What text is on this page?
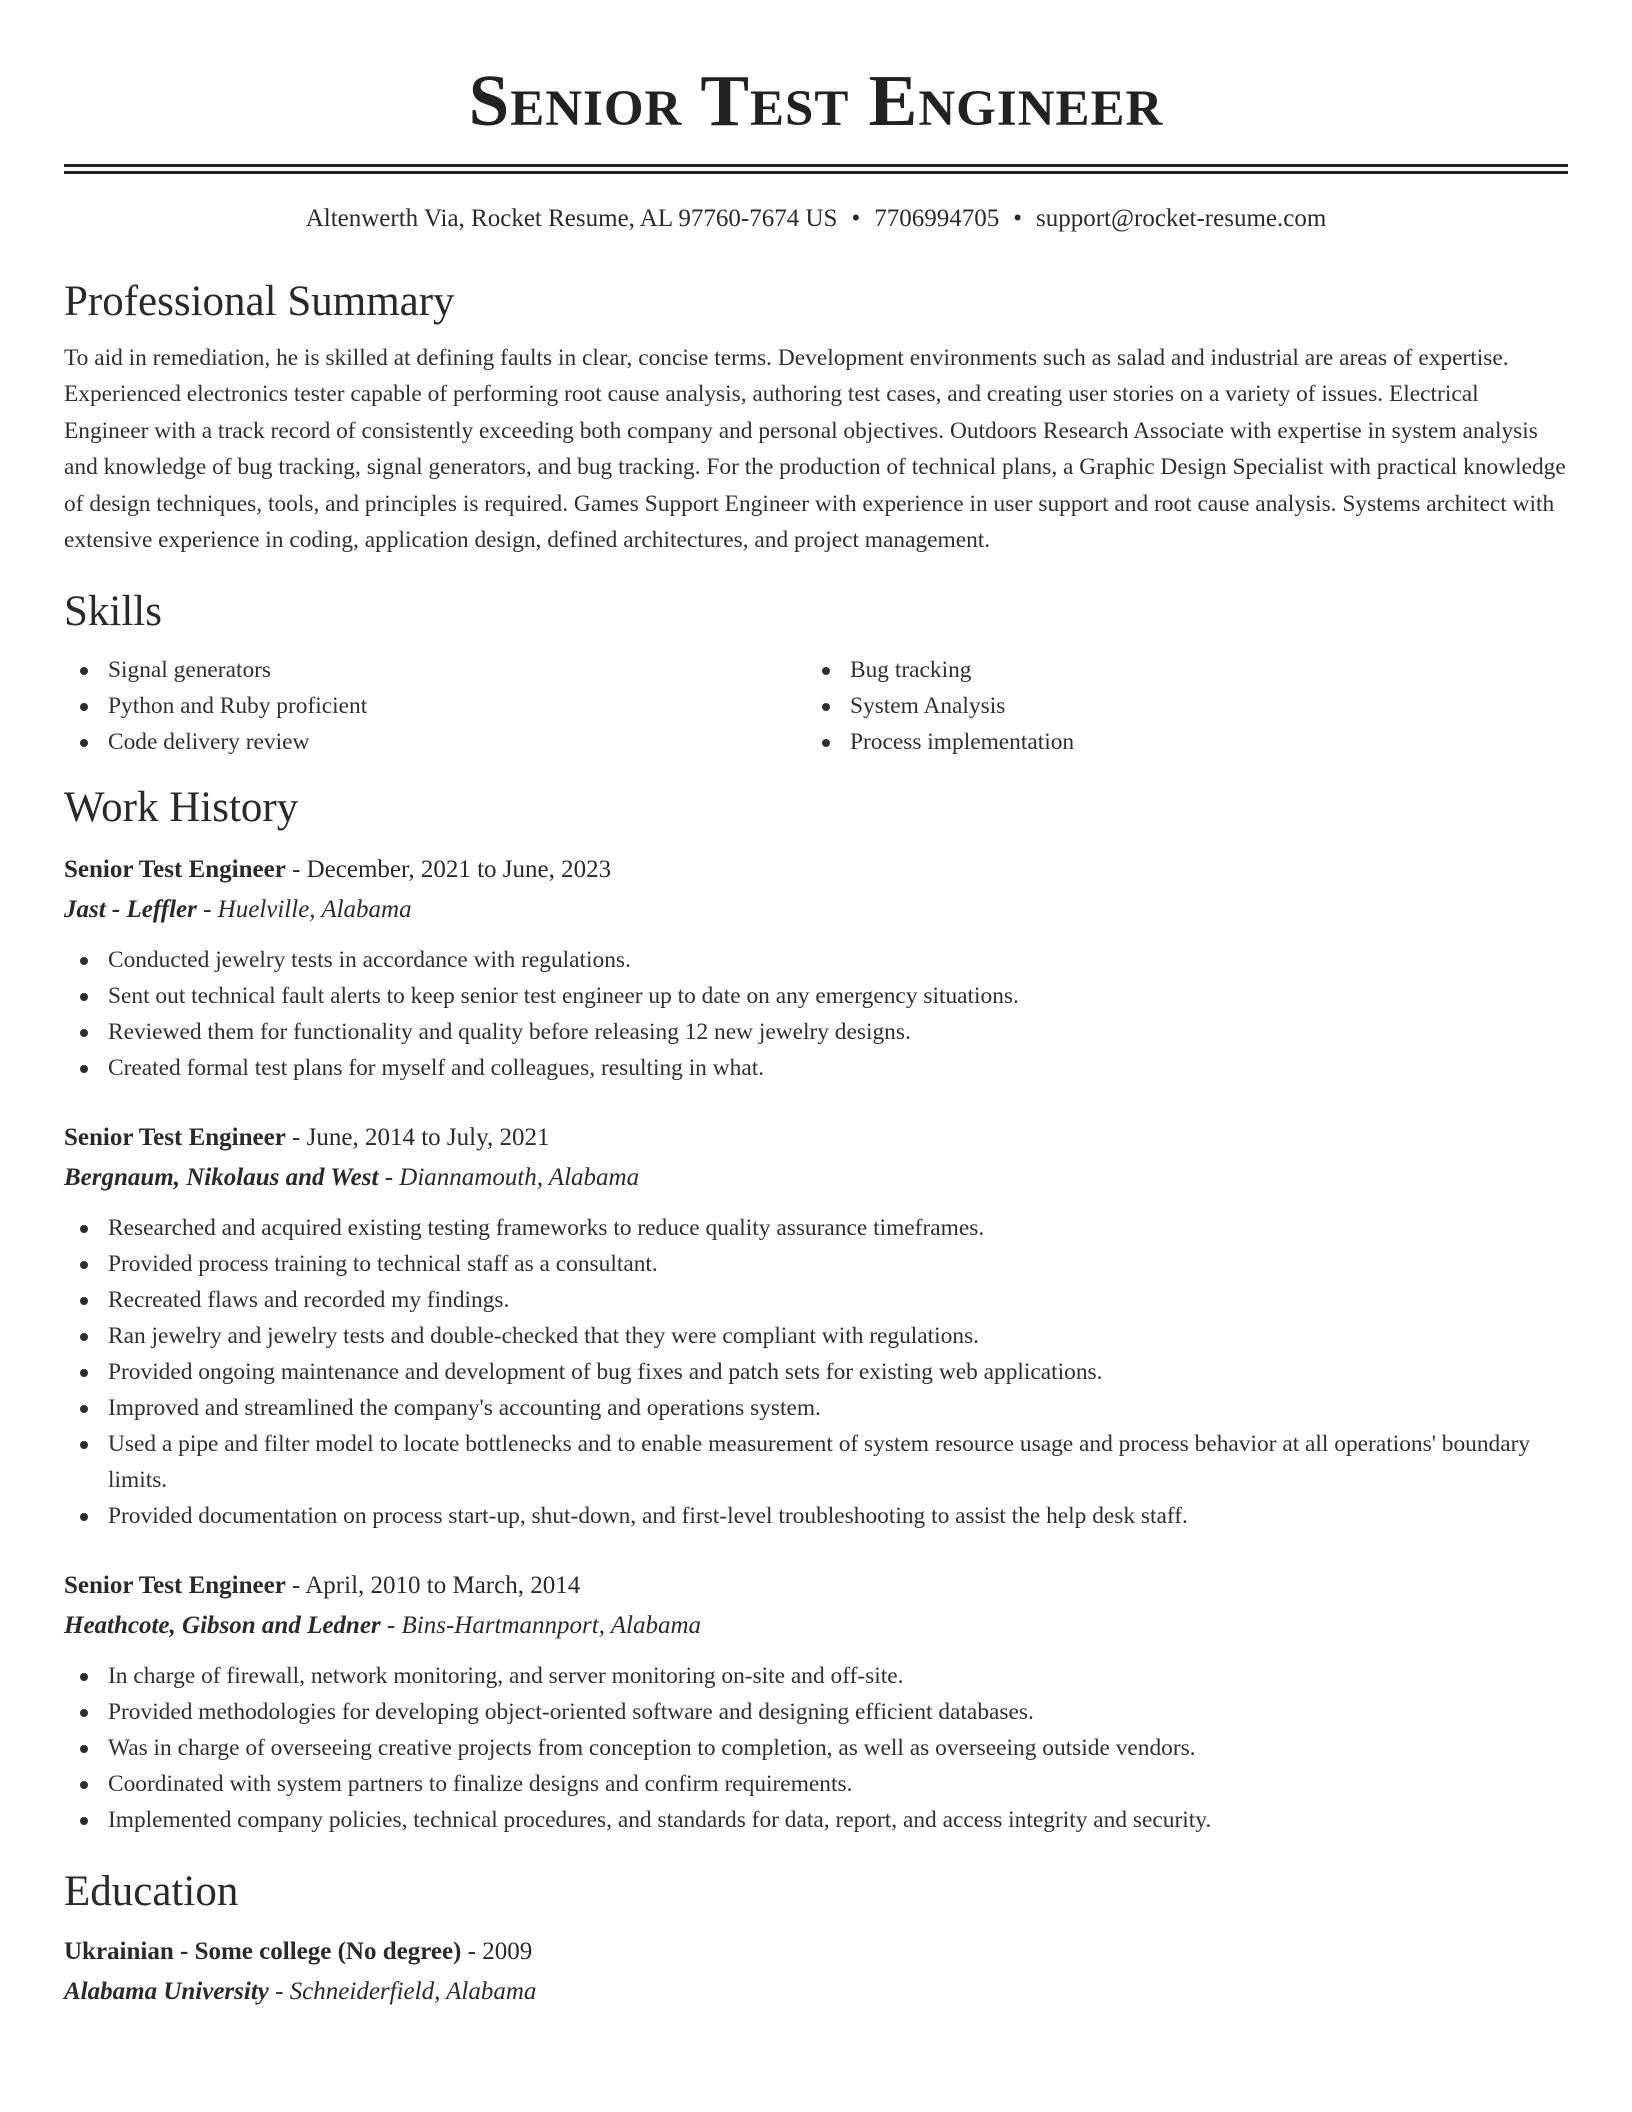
Senior Test Engineer
Altenwerth Via, Rocket Resume, AL 97760-7674 US • 7706994705 • support@rocket-resume.com
Professional Summary

To aid in remediation, he is skilled at defining faults in clear, concise terms. Development environments such as salad and industrial are areas of expertise. Experienced electronics tester capable of performing root cause analysis, authoring test cases, and creating user stories on a variety of issues. Electrical Engineer with a track record of consistently exceeding both company and personal objectives. Outdoors Research Associate with expertise in system analysis and knowledge of bug tracking, signal generators, and bug tracking. For the production of technical plans, a Graphic Design Specialist with practical knowledge of design techniques, tools, and principles is required. Games Support Engineer with experience in user support and root cause analysis. Systems architect with extensive experience in coding, application design, defined architectures, and project management.

Skills
Signal generators
Python and Ruby proficient
Code delivery review
Bug tracking
System Analysis
Process implementation
Work History
Senior Test Engineer - December, 2021 to June, 2023
Jast - Leffler - Huelville, Alabama
Conducted jewelry tests in accordance with regulations.
Sent out technical fault alerts to keep senior test engineer up to date on any emergency situations.
Reviewed them for functionality and quality before releasing 12 new jewelry designs.
Created formal test plans for myself and colleagues, resulting in what.
Senior Test Engineer - June, 2014 to July, 2021
Bergnaum, Nikolaus and West - Diannamouth, Alabama
Researched and acquired existing testing frameworks to reduce quality assurance timeframes.
Provided process training to technical staff as a consultant.
Recreated flaws and recorded my findings.
Ran jewelry and jewelry tests and double-checked that they were compliant with regulations.
Provided ongoing maintenance and development of bug fixes and patch sets for existing web applications.
Improved and streamlined the company's accounting and operations system.
Used a pipe and filter model to locate bottlenecks and to enable measurement of system resource usage and process behavior at all operations' boundary limits.
Provided documentation on process start-up, shut-down, and first-level troubleshooting to assist the help desk staff.
Senior Test Engineer - April, 2010 to March, 2014
Heathcote, Gibson and Ledner - Bins-Hartmannport, Alabama
In charge of firewall, network monitoring, and server monitoring on-site and off-site.
Provided methodologies for developing object-oriented software and designing efficient databases.
Was in charge of overseeing creative projects from conception to completion, as well as overseeing outside vendors.
Coordinated with system partners to finalize designs and confirm requirements.
Implemented company policies, technical procedures, and standards for data, report, and access integrity and security.
Education
Ukrainian - Some college (No degree) - 2009
Alabama University - Schneiderfield, Alabama
